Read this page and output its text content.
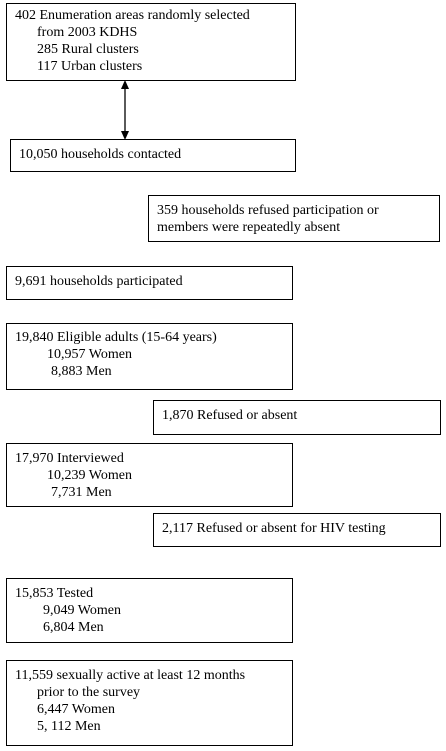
402 Enumeration areas randomly selected
from 2003 KDHS
285 Rural clusters
117 Urban clusters
10,050 households contacted
359 households refused participation or
members were repeatedly absent
9,691 households participated
19,840 Eligible adults (15-64 years)
10,957 Women
8,883 Men
1,870 Refused or absent
17,970 Interviewed
10,239 Women
7,731 Men
2,117 Refused or absent for HIV testing
15,853 Tested
9,049 Women
6,804 Men
11,559 sexually active at least 12 months
prior to the survey
6,447 Women
5, 112 Men
